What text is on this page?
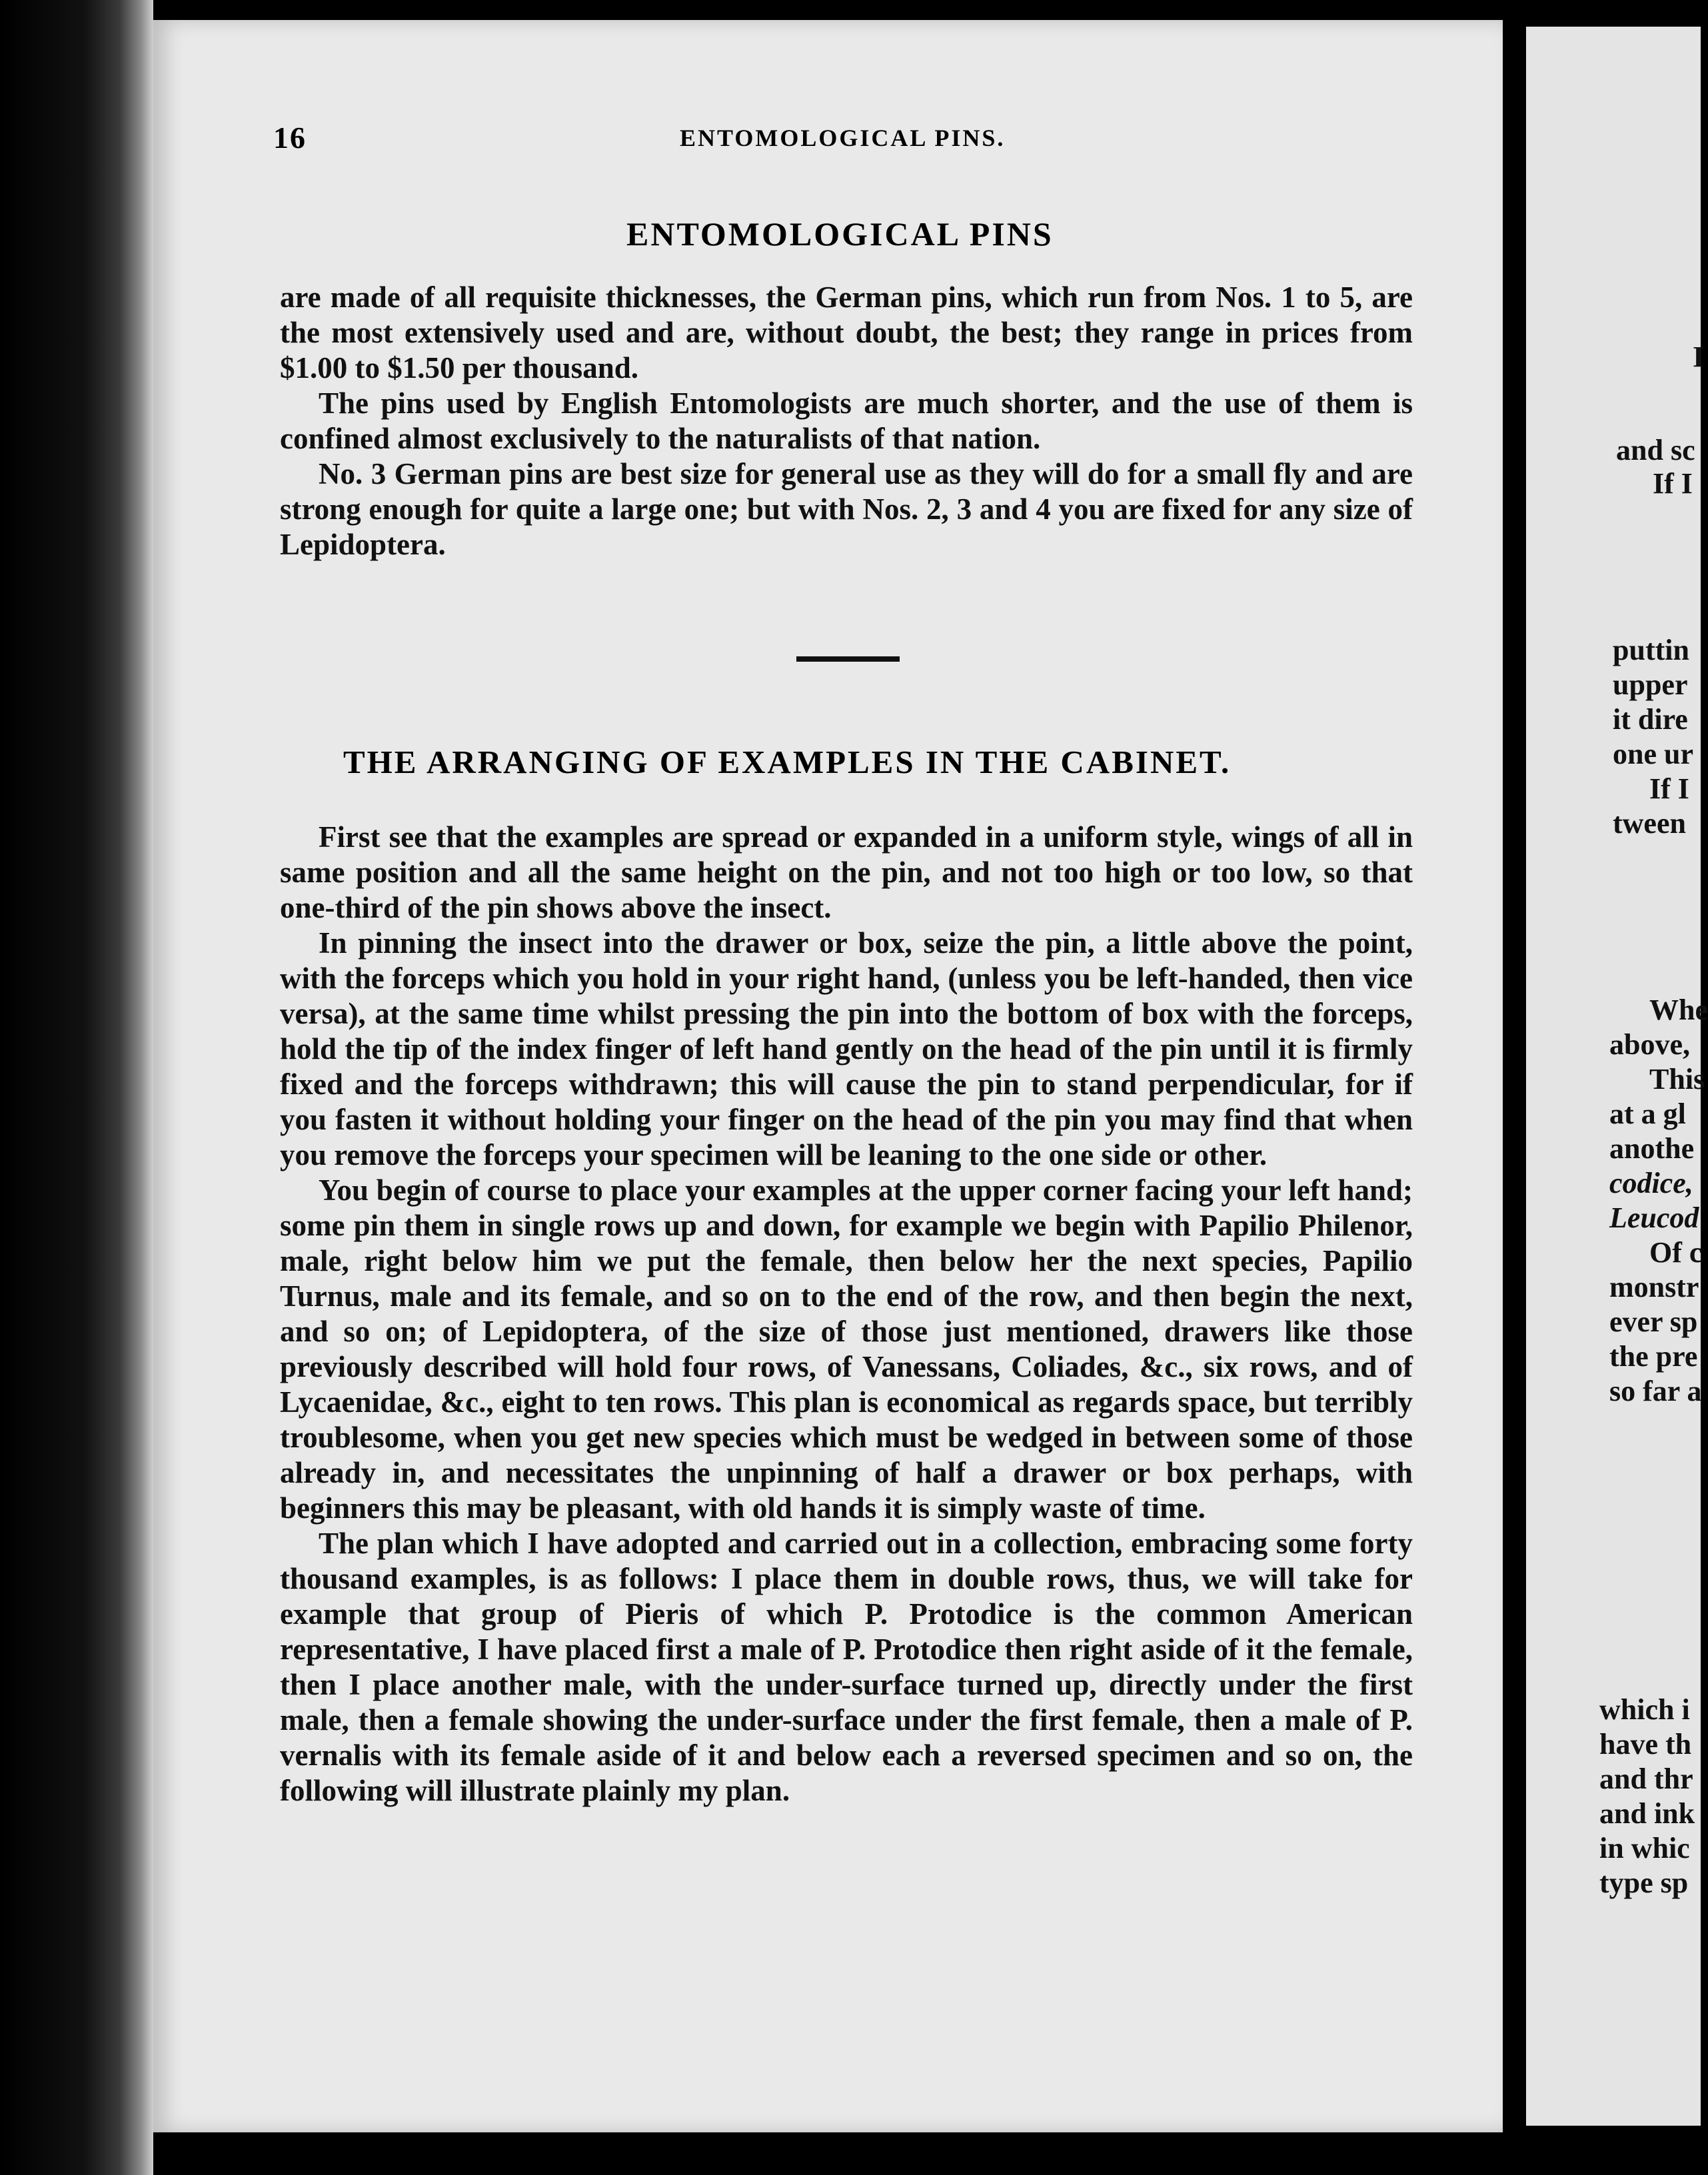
16	ENTOMOLOGICAL PINS.
ENTOMOLOGICAL PINS

are made of all requisite thicknesses, the German pins, which run from Nos. 1 to 5, are the most extensively used and are, without doubt, the best; they range in prices from $1.00 to $1.50 per thousand.

The pins used by English Entomologists are much shorter, and the use of them is confined almost exclusively to the naturalists of that nation.

No. 3 German pins are best size for general use as they will do for a small fly and are strong enough for quite a large one; but with Nos. 2, 3 and 4 you are fixed for any size of Lepidoptera.

THE ARRANGING OF EXAMPLES IN THE CABINET.

First see that the examples are spread or expanded in a uniform style, wings of all in same position and all the same height on the pin, and not too high or too low, so that one-third of the pin shows above the insect.

In pinning the insect into the drawer or box, seize the pin, a little above the point, with the forceps which you hold in your right hand, (unless you be left-handed, then vice versa), at the same time whilst pressing the pin into the bottom of box with the forceps, hold the tip of the index finger of left hand gently on the head of the pin until it is firmly fixed and the forceps withdrawn; this will cause the pin to stand perpendicular, for if you fasten it without holding your finger on the head of the pin you may find that when you remove the forceps your specimen will be leaning to the one side or other.

You begin of course to place your examples at the upper corner facing your left hand; some pin them in single rows up and down, for example we begin with Papilio Philenor, male, right below him we put the female, then below her the next species, Papilio Turnus, male and its female, and so on to the end of the row, and then begin the next, and so on; of Lepidoptera, of the size of those just mentioned, drawers like those previously described will hold four rows, of Vanessans, Coliades, &c., six rows, and of Lycaenidae, &c., eight to ten rows. This plan is economical as regards space, but terribly troublesome, when you get new species which must be wedged in between some of those already in, and necessitates the unpinning of half a drawer or box perhaps, with beginners this may be pleasant, with old hands it is simply waste of time.

The plan which I have adopted and carried out in a collection, embracing some forty thousand examples, is as follows: I place them in double rows, thus, we will take for example that group of Pieris of which P. Protodice is the common American representative, I have placed first a male of P. Protodice then right aside of it the female, then I place another male, with the under-surface turned up, directly under the first male, then a female showing the under-surface under the first female, then a male of P. vernalis with its female aside of it and below each a reversed specimen and so on, the following will illustrate plainly my plan.

I
and sc
If I
puttin
upper
it dire
one ur
If I
tween
Whe
above,
This
at a gl
anothe
codice,
Leucod
Of c
monstr
ever sp
the pre
so far a
which i
have th
and thr
and ink
in whic
type sp
